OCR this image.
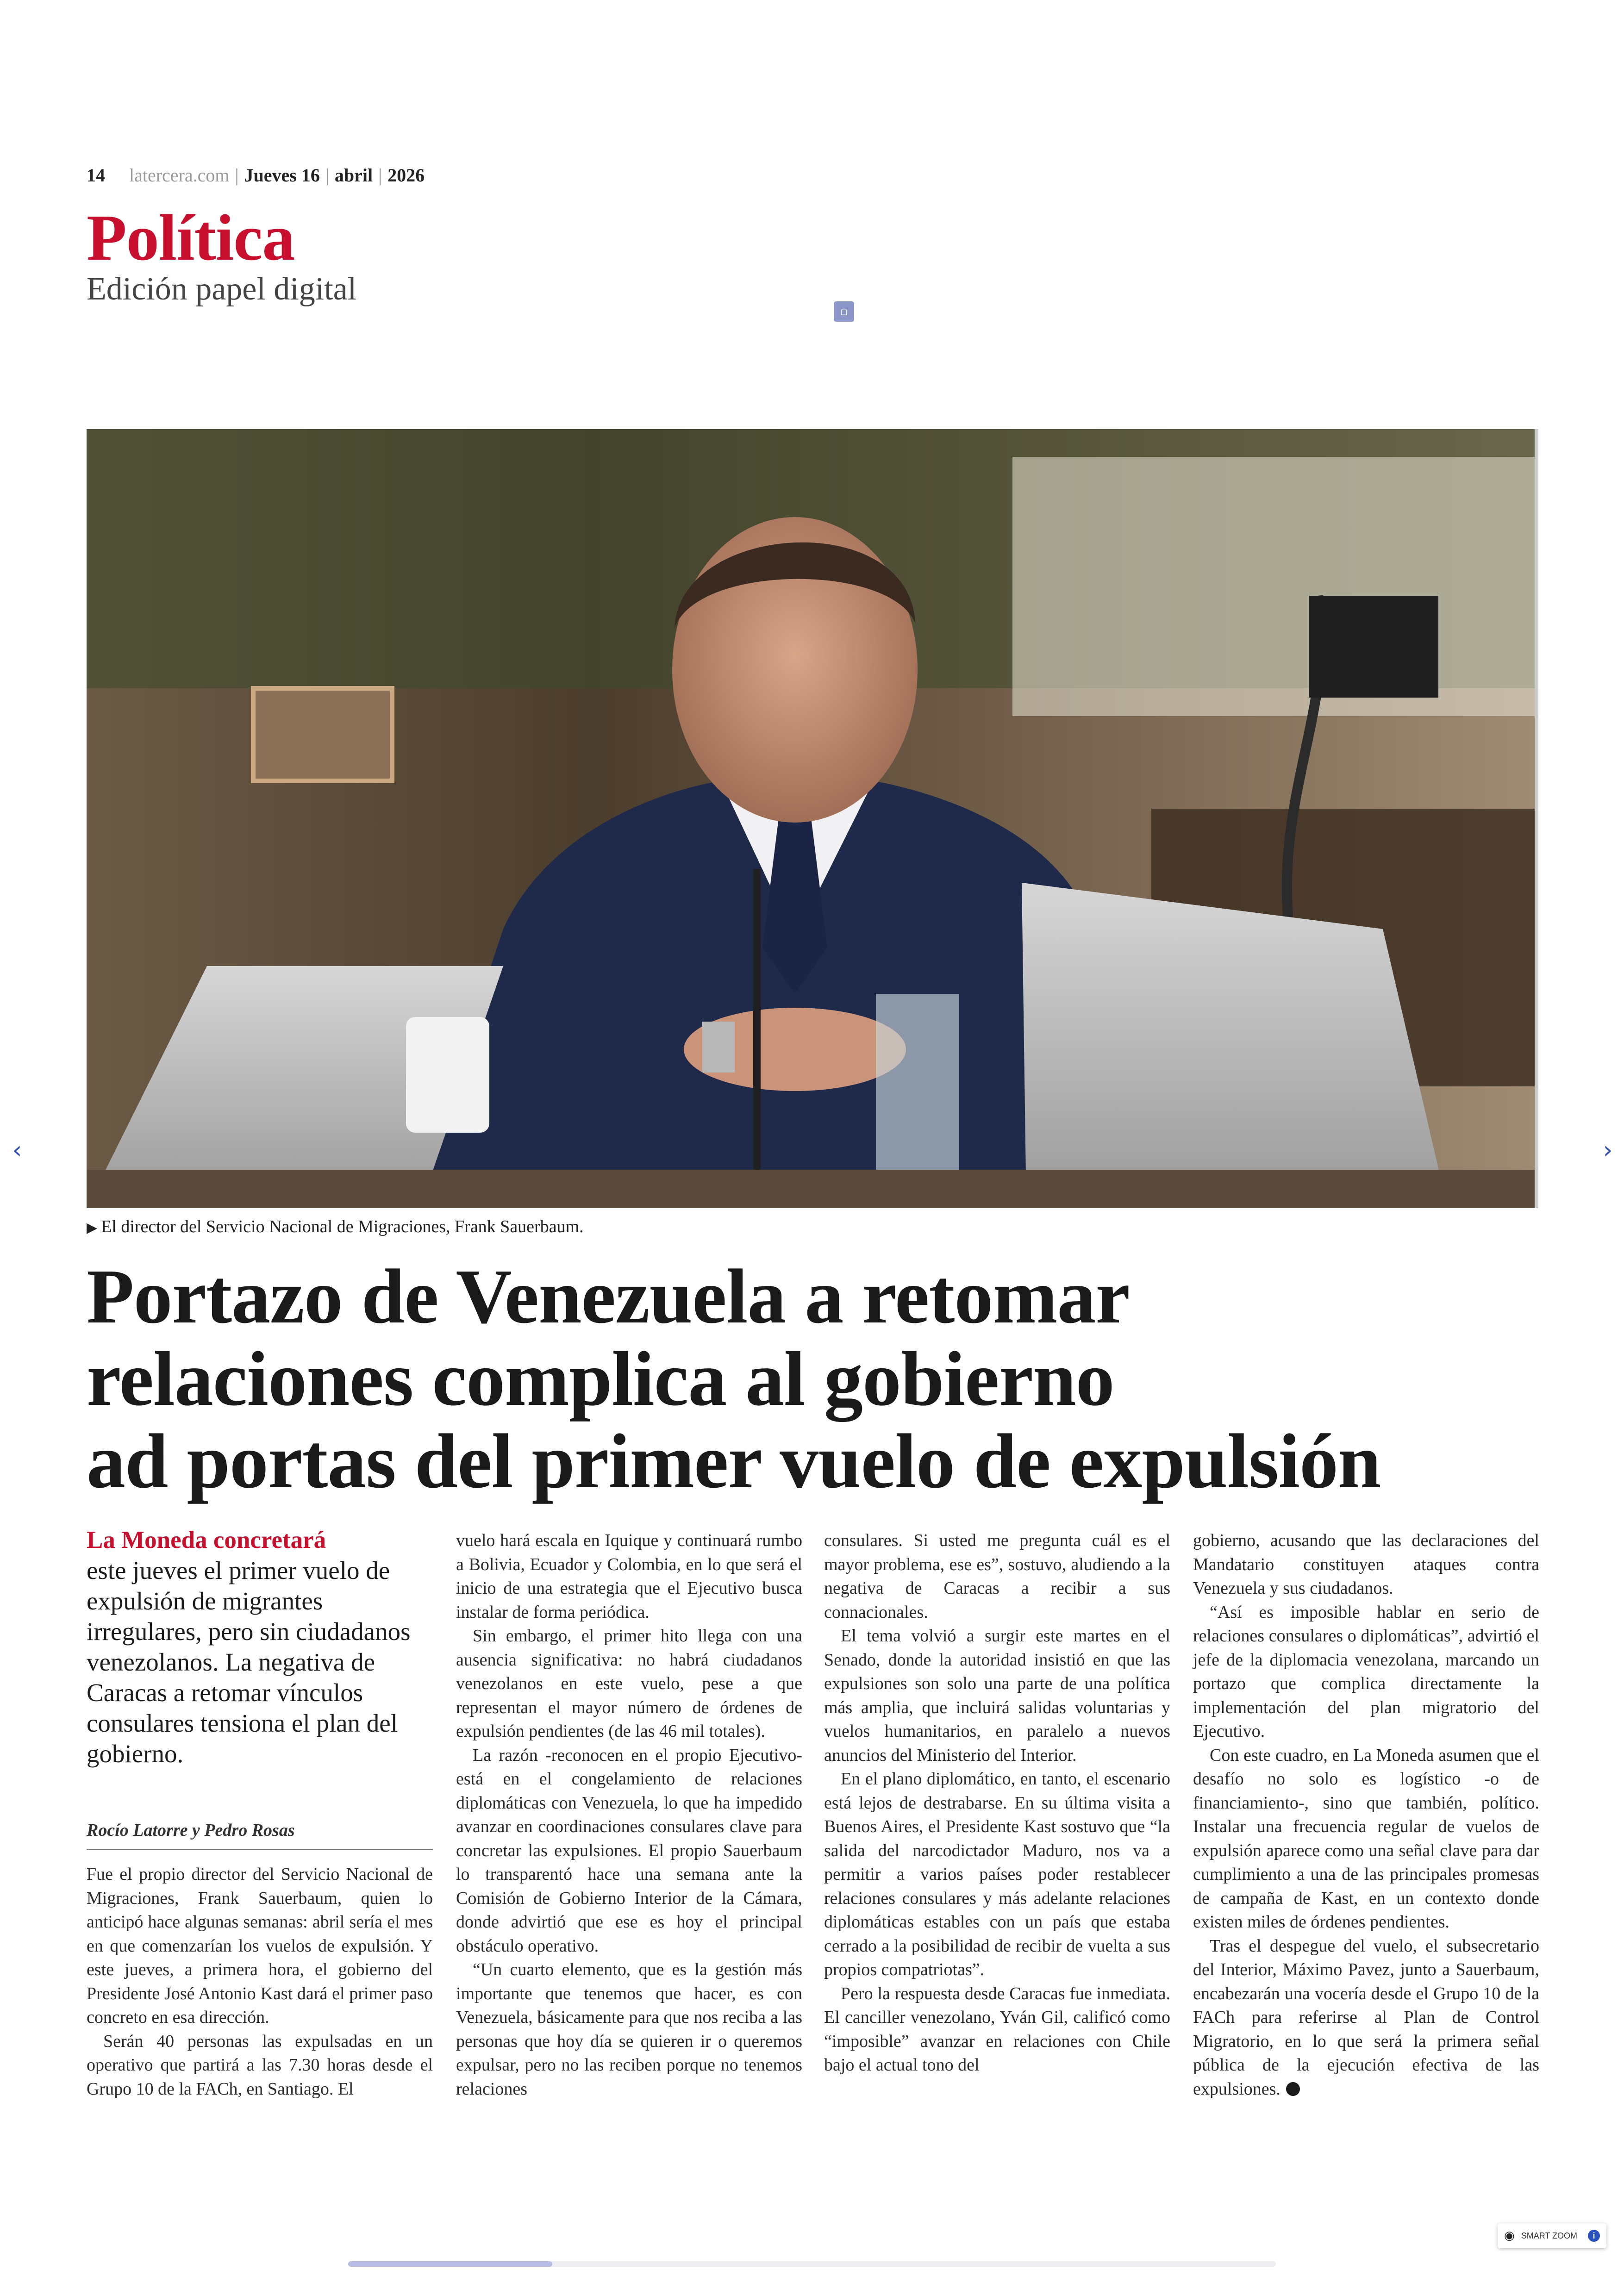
14 latercera.com | Jueves 16 | abril | 2026
Política
Edición papel digital
▫
▶ El director del Servicio Nacional de Migraciones, Frank Sauerbaum.
Portazo de Venezuela a retomar
relaciones complica al gobierno
ad portas del primer vuelo de expulsión
La Moneda concretará
este jueves el primer vuelo de expulsión de migrantes irregulares, pero sin ciudadanos venezolanos. La negativa de Caracas a retomar vínculos consulares tensiona el plan del gobierno.
Rocío Latorre y Pedro Rosas

Fue el propio director del Servicio Nacional de Migraciones, Frank Sauerbaum, quien lo anticipó hace algunas semanas: abril sería el mes en que comenzarían los vuelos de expulsión. Y este jueves, a primera hora, el gobierno del Presidente José Antonio Kast dará el primer paso concreto en esa dirección.

Serán 40 personas las expulsadas en un operativo que partirá a las 7.30 horas desde el Grupo 10 de la FACh, en Santiago. El

vuelo hará escala en Iquique y continuará rumbo a Bolivia, Ecuador y Colombia, en lo que será el inicio de una estrategia que el Ejecutivo busca instalar de forma periódica.

Sin embargo, el primer hito llega con una ausencia significativa: no habrá ciudadanos venezolanos en este vuelo, pese a que representan el mayor número de órdenes de expulsión pendientes (de las 46 mil totales).

La razón -reconocen en el propio Ejecutivo- está en el congelamiento de relaciones diplomáticas con Venezuela, lo que ha impedido avanzar en coordinaciones consulares clave para concretar las expulsiones. El propio Sauerbaum lo transparentó hace una semana ante la Comisión de Gobierno Interior de la Cámara, donde advirtió que ese es hoy el principal obstáculo operativo.

“Un cuarto elemento, que es la gestión más importante que tenemos que hacer, es con Venezuela, básicamente para que nos reciba a las personas que hoy día se quieren ir o queremos expulsar, pero no las reciben porque no tenemos relaciones

consulares. Si usted me pregunta cuál es el mayor problema, ese es”, sostuvo, aludiendo a la negativa de Caracas a recibir a sus connacionales.

El tema volvió a surgir este martes en el Senado, donde la autoridad insistió en que las expulsiones son solo una parte de una política más amplia, que incluirá salidas voluntarias y vuelos humanitarios, en paralelo a nuevos anuncios del Ministerio del Interior.

En el plano diplomático, en tanto, el escenario está lejos de destrabarse. En su última visita a Buenos Aires, el Presidente Kast sostuvo que “la salida del narcodictador Maduro, nos va a permitir a varios países poder restablecer relaciones consulares y más adelante relaciones diplomáticas estables con un país que estaba cerrado a la posibilidad de recibir de vuelta a sus propios compatriotas”.

Pero la respuesta desde Caracas fue inmediata. El canciller venezolano, Yván Gil, calificó como “imposible” avanzar en relaciones con Chile bajo el actual tono del

gobierno, acusando que las declaraciones del Mandatario constituyen ataques contra Venezuela y sus ciudadanos.

“Así es imposible hablar en serio de relaciones consulares o diplomáticas”, advirtió el jefe de la diplomacia venezolana, marcando un portazo que complica directamente la implementación del plan migratorio del Ejecutivo.

Con este cuadro, en La Moneda asumen que el desafío no solo es logístico -o de financiamiento-, sino que también, político. Instalar una frecuencia regular de vuelos de expulsión aparece como una señal clave para dar cumplimiento a una de las principales promesas de campaña de Kast, en un contexto donde existen miles de órdenes pendientes.

Tras el despegue del vuelo, el subsecretario del Interior, Máximo Pavez, junto a Sauerbaum, encabezarán una vocería desde el Grupo 10 de la FACh para referirse al Plan de Control Migratorio, en lo que será la primera señal pública de la ejecución efectiva de las expulsiones.

‹	›
◉ SMART ZOOM	i
